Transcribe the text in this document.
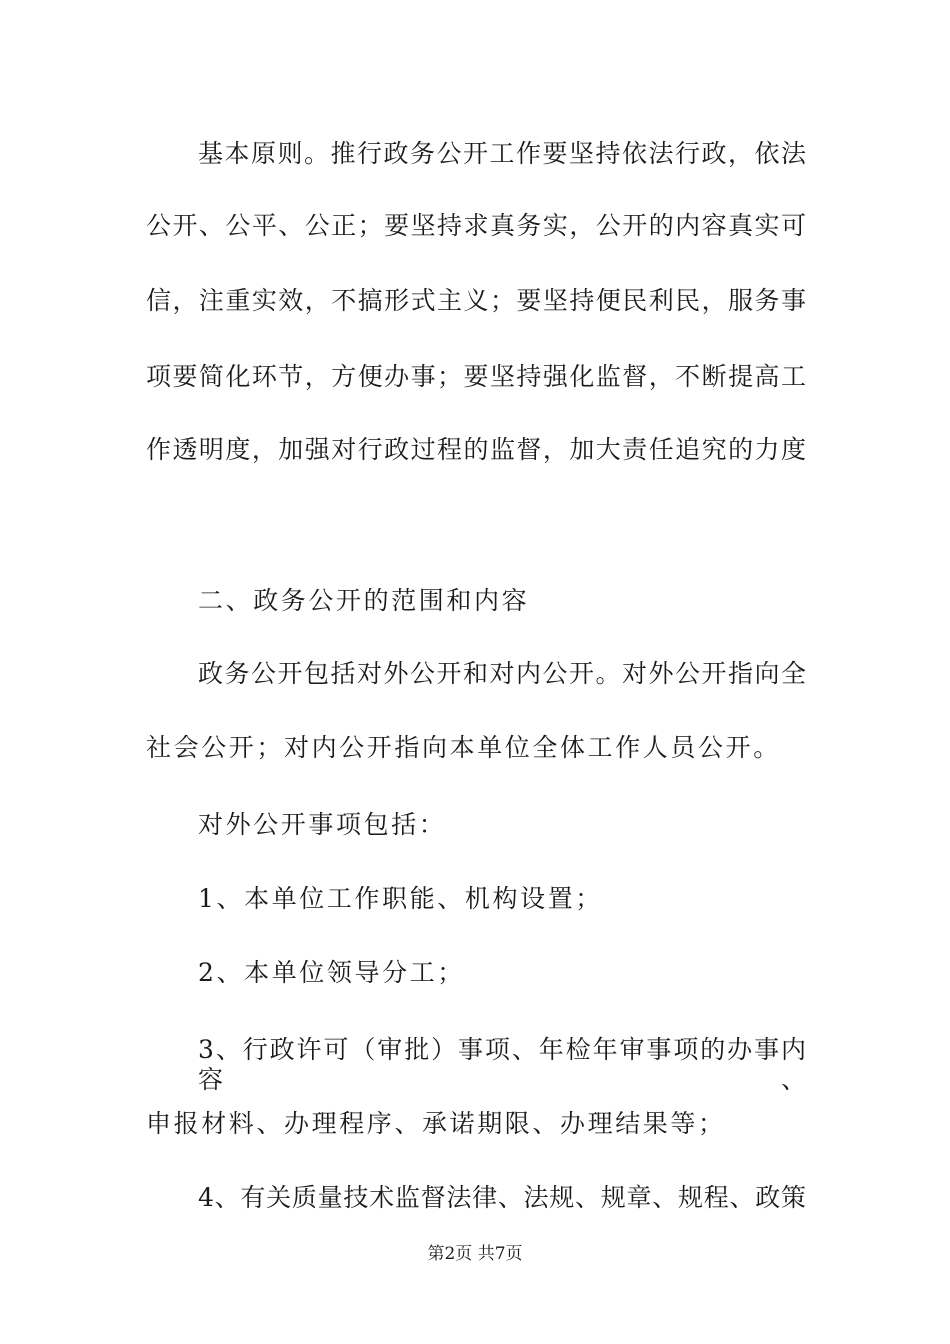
基本原则。推行政务公开工作要坚持依法行政，依法
公开、公平、公正；要坚持求真务实，公开的内容真实可
信，注重实效，不搞形式主义；要坚持便民利民，服务事
项要简化环节，方便办事；要坚持强化监督，不断提高工
作透明度，加强对行政过程的监督，加大责任追究的力度
二、政务公开的范围和内容
政务公开包括对外公开和对内公开。对外公开指向全
社会公开；对内公开指向本单位全体工作人员公开。
对外公开事项包括：
1、本单位工作职能、机构设置；
2、本单位领导分工；
3、行政许可（审批）事项、年检年审事项的办事内容、
申报材料、办理程序、承诺期限、办理结果等；
4、有关质量技术监督法律、法规、规章、规程、政策
第2页 共7页
